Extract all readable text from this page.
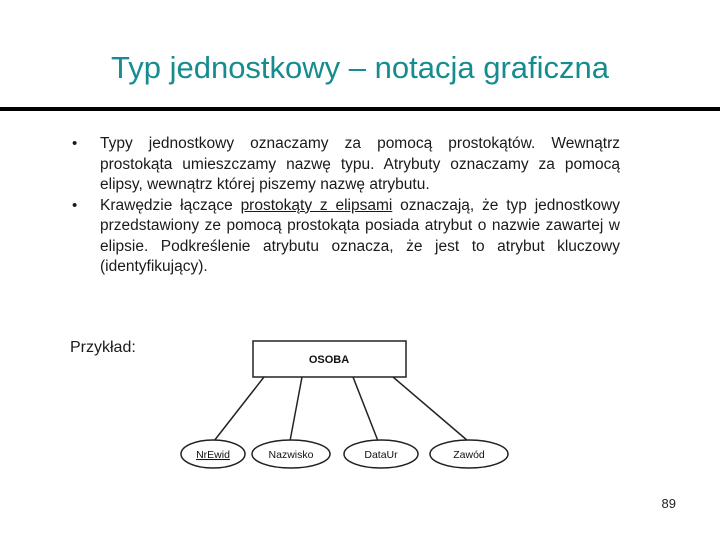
Typ jednostkowy – notacja graficzna

•	Typy jednostkowy oznaczamy za pomocą prostokątów. Wewnątrz prostokąta umieszczamy nazwę typu. Atrybuty oznaczamy za pomocą elipsy, wewnątrz której piszemy nazwę atrybutu.

•	Krawędzie łączące prostokąty z elipsami oznaczają, że typ jednostkowy przedstawiony ze pomocą prostokąta posiada atrybut o nazwie zawartej w elipsie. Podkreślenie atrybutu oznacza, że jest to atrybut kluczowy (identyfikujący).

Przykład:
OSOBA
NrEwid	Nazwisko	DataUr	Zawód
89
